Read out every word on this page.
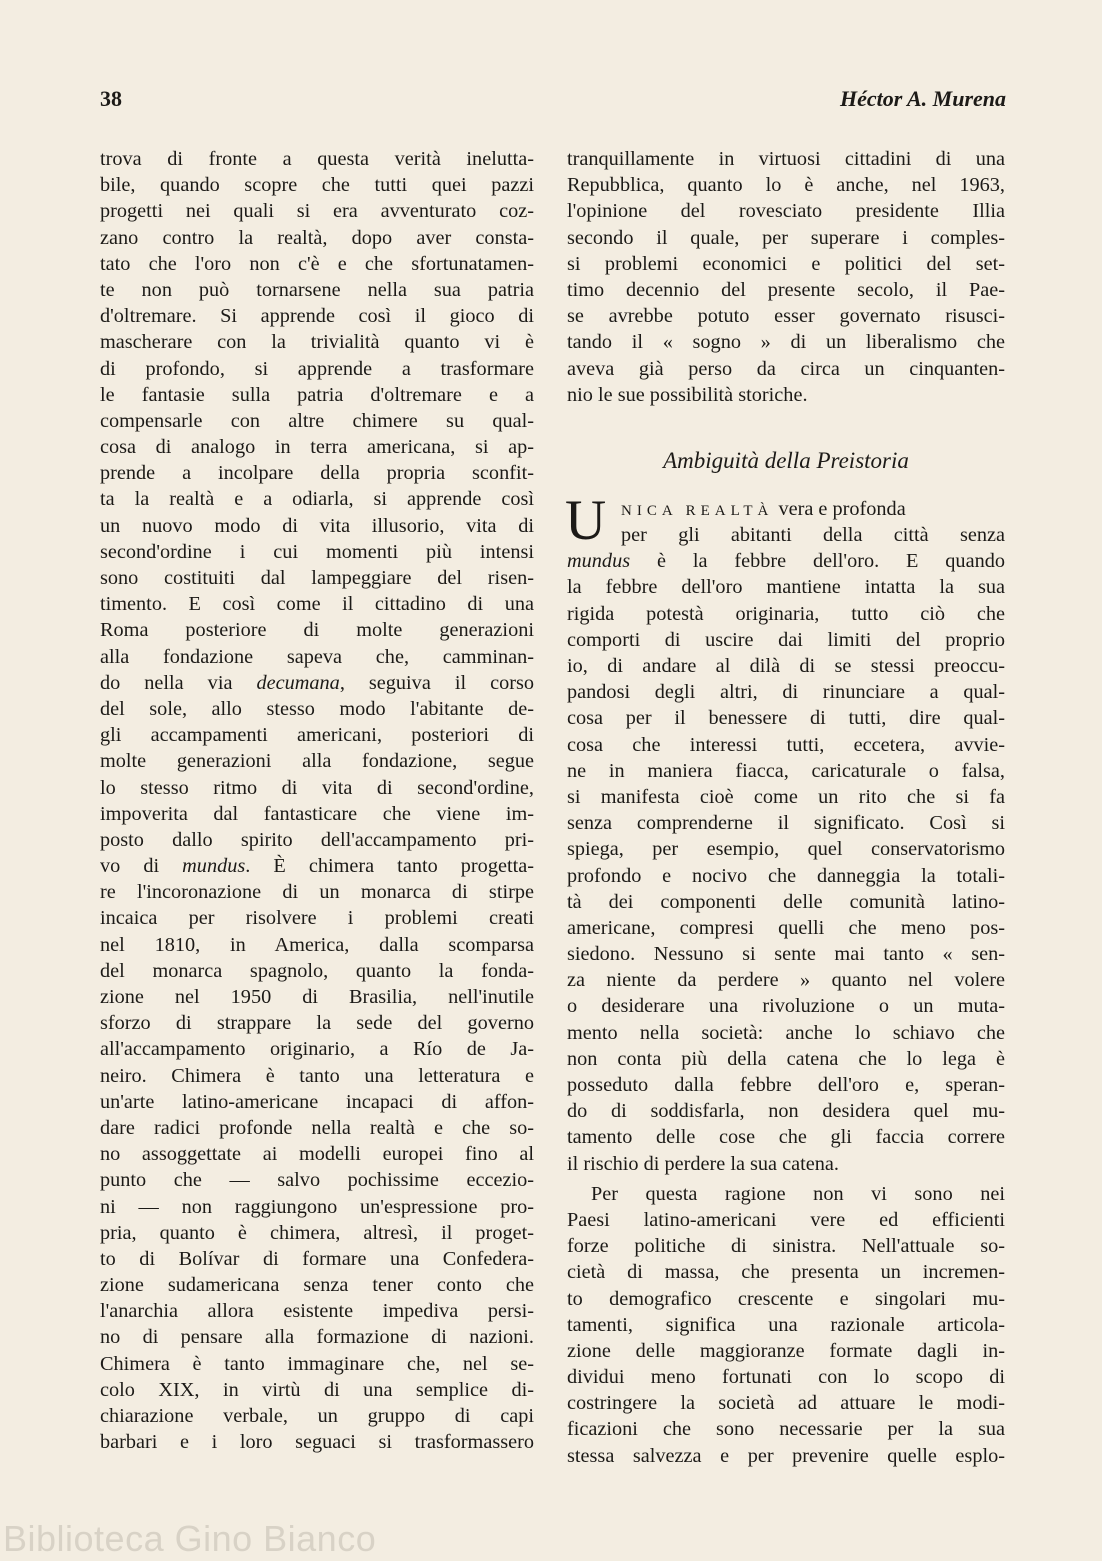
38	Héctor A. Murena
trova di fronte a questa verità inelutta-
bile, quando scopre che tutti quei pazzi
progetti nei quali si era avventurato coz-
zano contro la realtà, dopo aver consta-
tato che l'oro non c'è e che sfortunatamen-
te non può tornarsene nella sua patria
d'oltremare. Si apprende così il gioco di
mascherare con la trivialità quanto vi è
di profondo, si apprende a trasformare
le fantasie sulla patria d'oltremare e a
compensarle con altre chimere su qual-
cosa di analogo in terra americana, si ap-
prende a incolpare della propria sconfit-
ta la realtà e a odiarla, si apprende così
un nuovo modo di vita illusorio, vita di
second'ordine i cui momenti più intensi
sono costituiti dal lampeggiare del risen-
timento. E così come il cittadino di una
Roma posteriore di molte generazioni
alla fondazione sapeva che, camminan-
do nella via decumana, seguiva il corso
del sole, allo stesso modo l'abitante de-
gli accampamenti americani, posteriori di
molte generazioni alla fondazione, segue
lo stesso ritmo di vita di second'ordine,
impoverita dal fantasticare che viene im-
posto dallo spirito dell'accampamento pri-
vo di mundus. È chimera tanto progetta-
re l'incoronazione di un monarca di stirpe
incaica per risolvere i problemi creati
nel 1810, in America, dalla scomparsa
del monarca spagnolo, quanto la fonda-
zione nel 1950 di Brasilia, nell'inutile
sforzo di strappare la sede del governo
all'accampamento originario, a Río de Ja-
neiro. Chimera è tanto una letteratura e
un'arte latino-americane incapaci di affon-
dare radici profonde nella realtà e che so-
no assoggettate ai modelli europei fino al
punto che — salvo pochissime eccezio-
ni — non raggiungono un'espressione pro-
pria, quanto è chimera, altresì, il proget-
to di Bolívar di formare una Confedera-
zione sudamericana senza tener conto che
l'anarchia allora esistente impediva persi-
no di pensare alla formazione di nazioni.
Chimera è tanto immaginare che, nel se-
colo XIX, in virtù di una semplice di-
chiarazione verbale, un gruppo di capi
barbari e i loro seguaci si trasformassero
tranquillamente in virtuosi cittadini di una
Repubblica, quanto lo è anche, nel 1963,
l'opinione del rovesciato presidente Illia
secondo il quale, per superare i comples-
si problemi economici e politici del set-
timo decennio del presente secolo, il Pae-
se avrebbe potuto esser governato risusci-
tando il « sogno » di un liberalismo che
aveva già perso da circa un cinquanten-
nio le sue possibilità storiche.
Ambiguità della Preistoria
U NICA REALTÀ vera e profonda
per gli abitanti della città senza
mundus è la febbre dell'oro. E quando
la febbre dell'oro mantiene intatta la sua
rigida potestà originaria, tutto ciò che
comporti di uscire dai limiti del proprio
io, di andare al dilà di se stessi preoccu-
pandosi degli altri, di rinunciare a qual-
cosa per il benessere di tutti, dire qual-
cosa che interessi tutti, eccetera, avvie-
ne in maniera fiacca, caricaturale o falsa,
si manifesta cioè come un rito che si fa
senza comprenderne il significato. Così si
spiega, per esempio, quel conservatorismo
profondo e nocivo che danneggia la totali-
tà dei componenti delle comunità latino-
americane, compresi quelli che meno pos-
siedono. Nessuno si sente mai tanto « sen-
za niente da perdere » quanto nel volere
o desiderare una rivoluzione o un muta-
mento nella società: anche lo schiavo che
non conta più della catena che lo lega è
posseduto dalla febbre dell'oro e, speran-
do di soddisfarla, non desidera quel mu-
tamento delle cose che gli faccia correre
il rischio di perdere la sua catena.
Per questa ragione non vi sono nei
Paesi latino-americani vere ed efficienti
forze politiche di sinistra. Nell'attuale so-
cietà di massa, che presenta un incremen-
to demografico crescente e singolari mu-
tamenti, significa una razionale articola-
zione delle maggioranze formate dagli in-
dividui meno fortunati con lo scopo di
costringere la società ad attuare le modi-
ficazioni che sono necessarie per la sua
stessa salvezza e per prevenire quelle esplo-
Biblioteca Gino Bianco
